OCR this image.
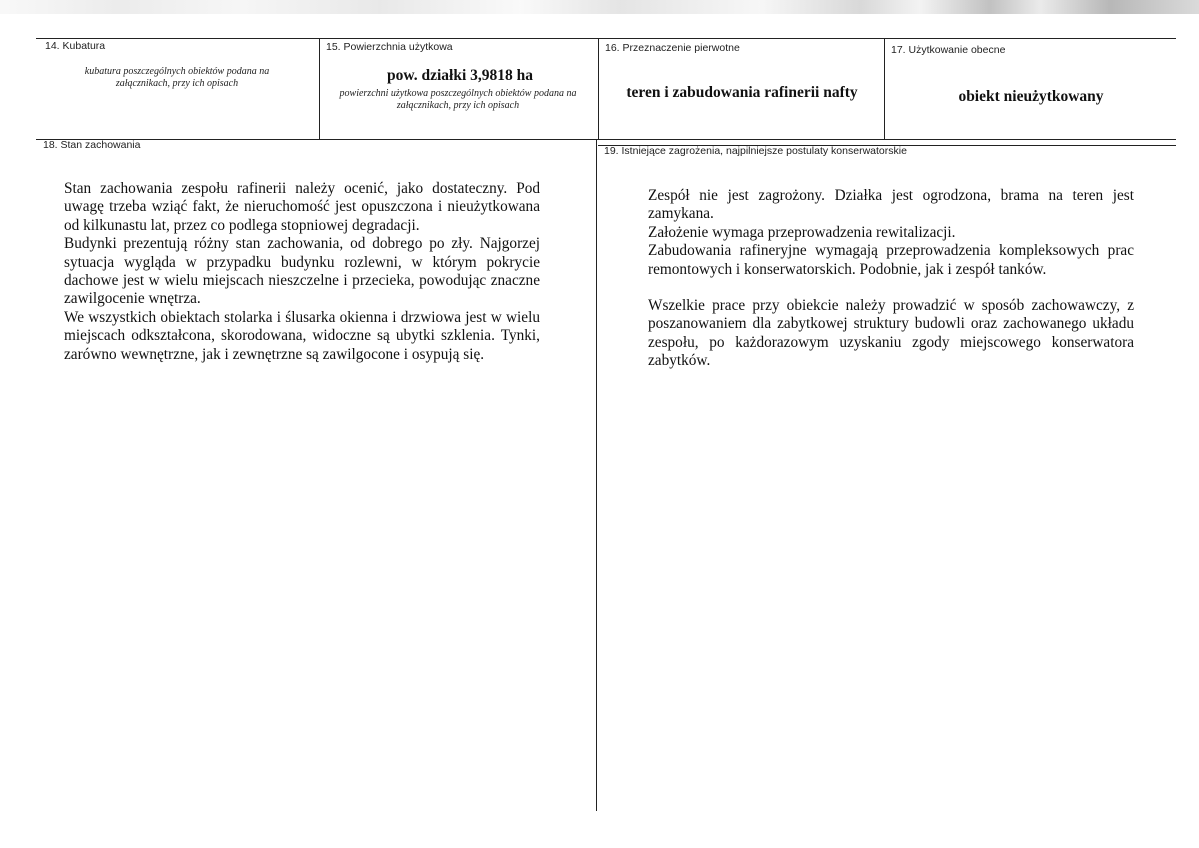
14. Kubatura
kubatura poszczególnych obiektów podana na załącznikach, przy ich opisach
15. Powierzchnia użytkowa
pow. działki 3,9818 ha
powierzchni użytkowa poszczególnych obiektów podana na załącznikach, przy ich opisach
16. Przeznaczenie pierwotne
teren i zabudowania rafinerii nafty
17. Użytkowanie obecne
obiekt nieużytkowany
18. Stan zachowania

Stan zachowania zespołu rafinerii należy ocenić, jako dostateczny. Pod uwagę trzeba wziąć fakt, że nieruchomość jest opuszczona i nieużytkowana od kilkunastu lat, przez co podlega stopniowej degradacji.

Budynki prezentują różny stan zachowania, od dobrego po zły. Najgorzej sytuacja wygląda w przypadku budynku rozlewni, w którym pokrycie dachowe jest w wielu miejscach nieszczelne i przecieka, powodując znaczne zawilgocenie wnętrza.

We wszystkich obiektach stolarka i ślusarka okienna i drzwiowa jest w wielu miejscach odkształcona, skorodowana, widoczne są ubytki szklenia. Tynki, zarówno wewnętrzne, jak i zewnętrzne są zawilgocone i osypują się.

19. Istniejące zagrożenia, najpilniejsze postulaty konserwatorskie

Zespół nie jest zagrożony. Działka jest ogrodzona, brama na teren jest zamykana.

Założenie wymaga przeprowadzenia rewitalizacji.

Zabudowania rafineryjne wymagają przeprowadzenia kompleksowych prac remontowych i konserwatorskich. Podobnie, jak i zespół tanków.

Wszelkie prace przy obiekcie należy prowadzić w sposób zachowawczy, z poszanowaniem dla zabytkowej struktury budowli oraz zachowanego układu zespołu, po każdorazowym uzyskaniu zgody miejscowego konserwatora zabytków.
